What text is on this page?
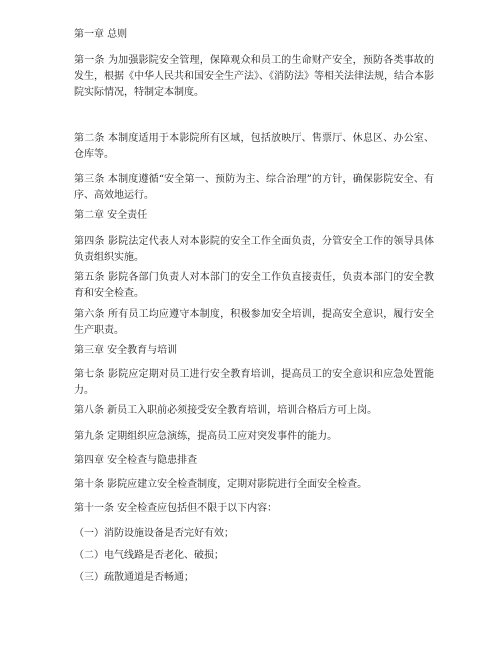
第一章 总则
第一条 为加强影院安全管理，保障观众和员工的生命财产安全，预防各类事故的发生，根据《中华人民共和国安全生产法》、《消防法》等相关法律法规，结合本影院实际情况，特制定本制度。
第二条 本制度适用于本影院所有区域，包括放映厅、售票厅、休息区、办公室、仓库等。
第三条 本制度遵循“安全第一、预防为主、综合治理”的方针，确保影院安全、有序、高效地运行。
第二章 安全责任
第四条 影院法定代表人对本影院的安全工作全面负责，分管安全工作的领导具体负责组织实施。
第五条 影院各部门负责人对本部门的安全工作负直接责任，负责本部门的安全教育和安全检查。
第六条 所有员工均应遵守本制度，积极参加安全培训，提高安全意识，履行安全生产职责。
第三章 安全教育与培训
第七条 影院应定期对员工进行安全教育培训，提高员工的安全意识和应急处置能力。
第八条 新员工入职前必须接受安全教育培训，培训合格后方可上岗。
第九条 定期组织应急演练，提高员工应对突发事件的能力。
第四章 安全检查与隐患排查
第十条 影院应建立安全检查制度，定期对影院进行全面安全检查。
第十一条 安全检查应包括但不限于以下内容：
（一）消防设施设备是否完好有效；
（二）电气线路是否老化、破损；
（三）疏散通道是否畅通；
